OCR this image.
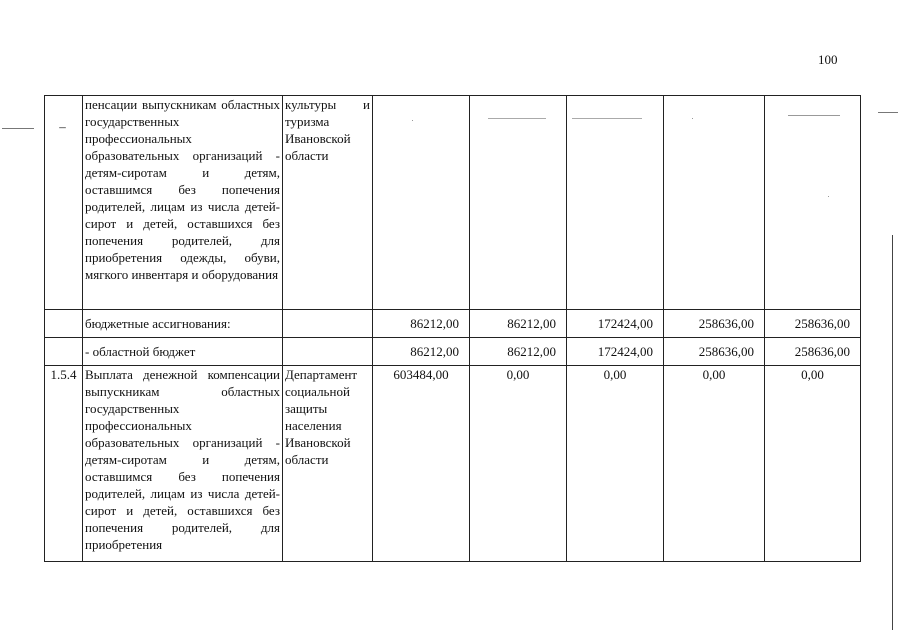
100
–	пенсации выпускникам областных государственных профессиональных образовательных организаций - детям-сиротам и детям, оставшимся без попечения родителей, лицам из числа детей-сирот и детей, оставшихся без попечения родителей, для приобретения одежды, обуви, мягкого инвентаря и оборудования	культуры и туризма Ивановской области					
	бюджетные ассигнования:		86212,00	86212,00	172424,00	258636,00	258636,00
	- областной бюджет		86212,00	86212,00	172424,00	258636,00	258636,00
1.5.4	Выплата денежной компенсации выпускникам областных государственных профессиональных образовательных организаций - детям-сиротам и детям, оставшимся без попечения родителей, лицам из числа детей-сирот и детей, оставшихся без попечения родителей, для приобретения	Департамент социальной защиты населения Ивановской области	603484,00	0,00	0,00	0,00	0,00
